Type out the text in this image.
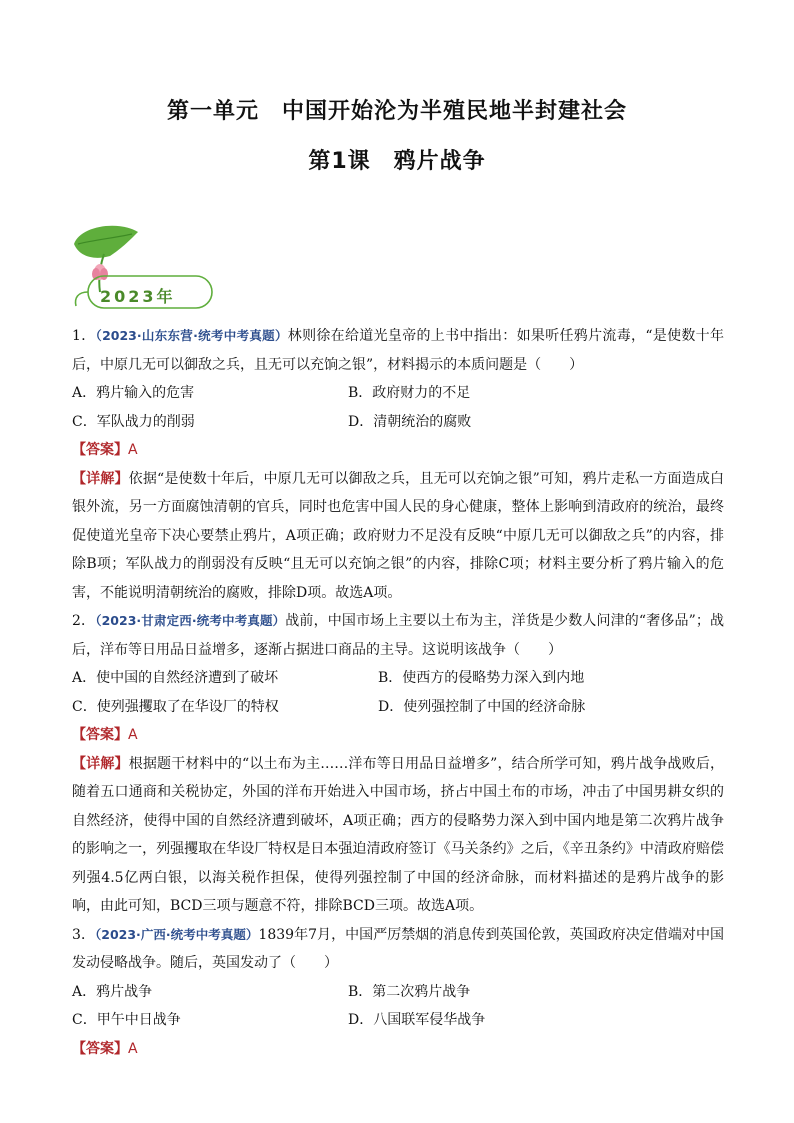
第一单元　中国开始沦为半殖民地半封建社会
第1课　鸦片战争
2023年

1．（2023·山东东营·统考中考真题）林则徐在给道光皇帝的上书中指出：如果听任鸦片流毒，“是使数十年后，中原几无可以御敌之兵，且无可以充饷之银”，材料揭示的本质问题是（　　）

A．鸦片输入的危害	B．政府财力的不足
C．军队战力的削弱	D．清朝统治的腐败

【答案】A

【详解】依据“是使数十年后，中原几无可以御敌之兵，且无可以充饷之银”可知，鸦片走私一方面造成白银外流，另一方面腐蚀清朝的官兵，同时也危害中国人民的身心健康，整体上影响到清政府的统治，最终促使道光皇帝下决心要禁止鸦片，A项正确；政府财力不足没有反映“中原几无可以御敌之兵”的内容，排除B项；军队战力的削弱没有反映“且无可以充饷之银”的内容，排除C项；材料主要分析了鸦片输入的危害，不能说明清朝统治的腐败，排除D项。故选A项。

2．（2023·甘肃定西·统考中考真题）战前，中国市场上主要以土布为主，洋货是少数人问津的“奢侈品”；战后，洋布等日用品日益增多，逐渐占据进口商品的主导。这说明该战争（　　）

A．使中国的自然经济遭到了破坏	B．使西方的侵略势力深入到内地
C．使列强攫取了在华设厂的特权	D．使列强控制了中国的经济命脉

【答案】A

【详解】根据题干材料中的“以土布为主……洋布等日用品日益增多”，结合所学可知，鸦片战争战败后，随着五口通商和关税协定，外国的洋布开始进入中国市场，挤占中国土布的市场，冲击了中国男耕女织的自然经济，使得中国的自然经济遭到破坏，A项正确；西方的侵略势力深入到中国内地是第二次鸦片战争的影响之一，列强攫取在华设厂特权是日本强迫清政府签订《马关条约》之后，《辛丑条约》中清政府赔偿列强4.5亿两白银，以海关税作担保，使得列强控制了中国的经济命脉，而材料描述的是鸦片战争的影响，由此可知，BCD三项与题意不符，排除BCD三项。故选A项。

3．（2023·广西·统考中考真题）1839年7月，中国严厉禁烟的消息传到英国伦敦，英国政府决定借端对中国发动侵略战争。随后，英国发动了（　　）

A．鸦片战争	B．第二次鸦片战争
C．甲午中日战争	D．八国联军侵华战争

【答案】A
